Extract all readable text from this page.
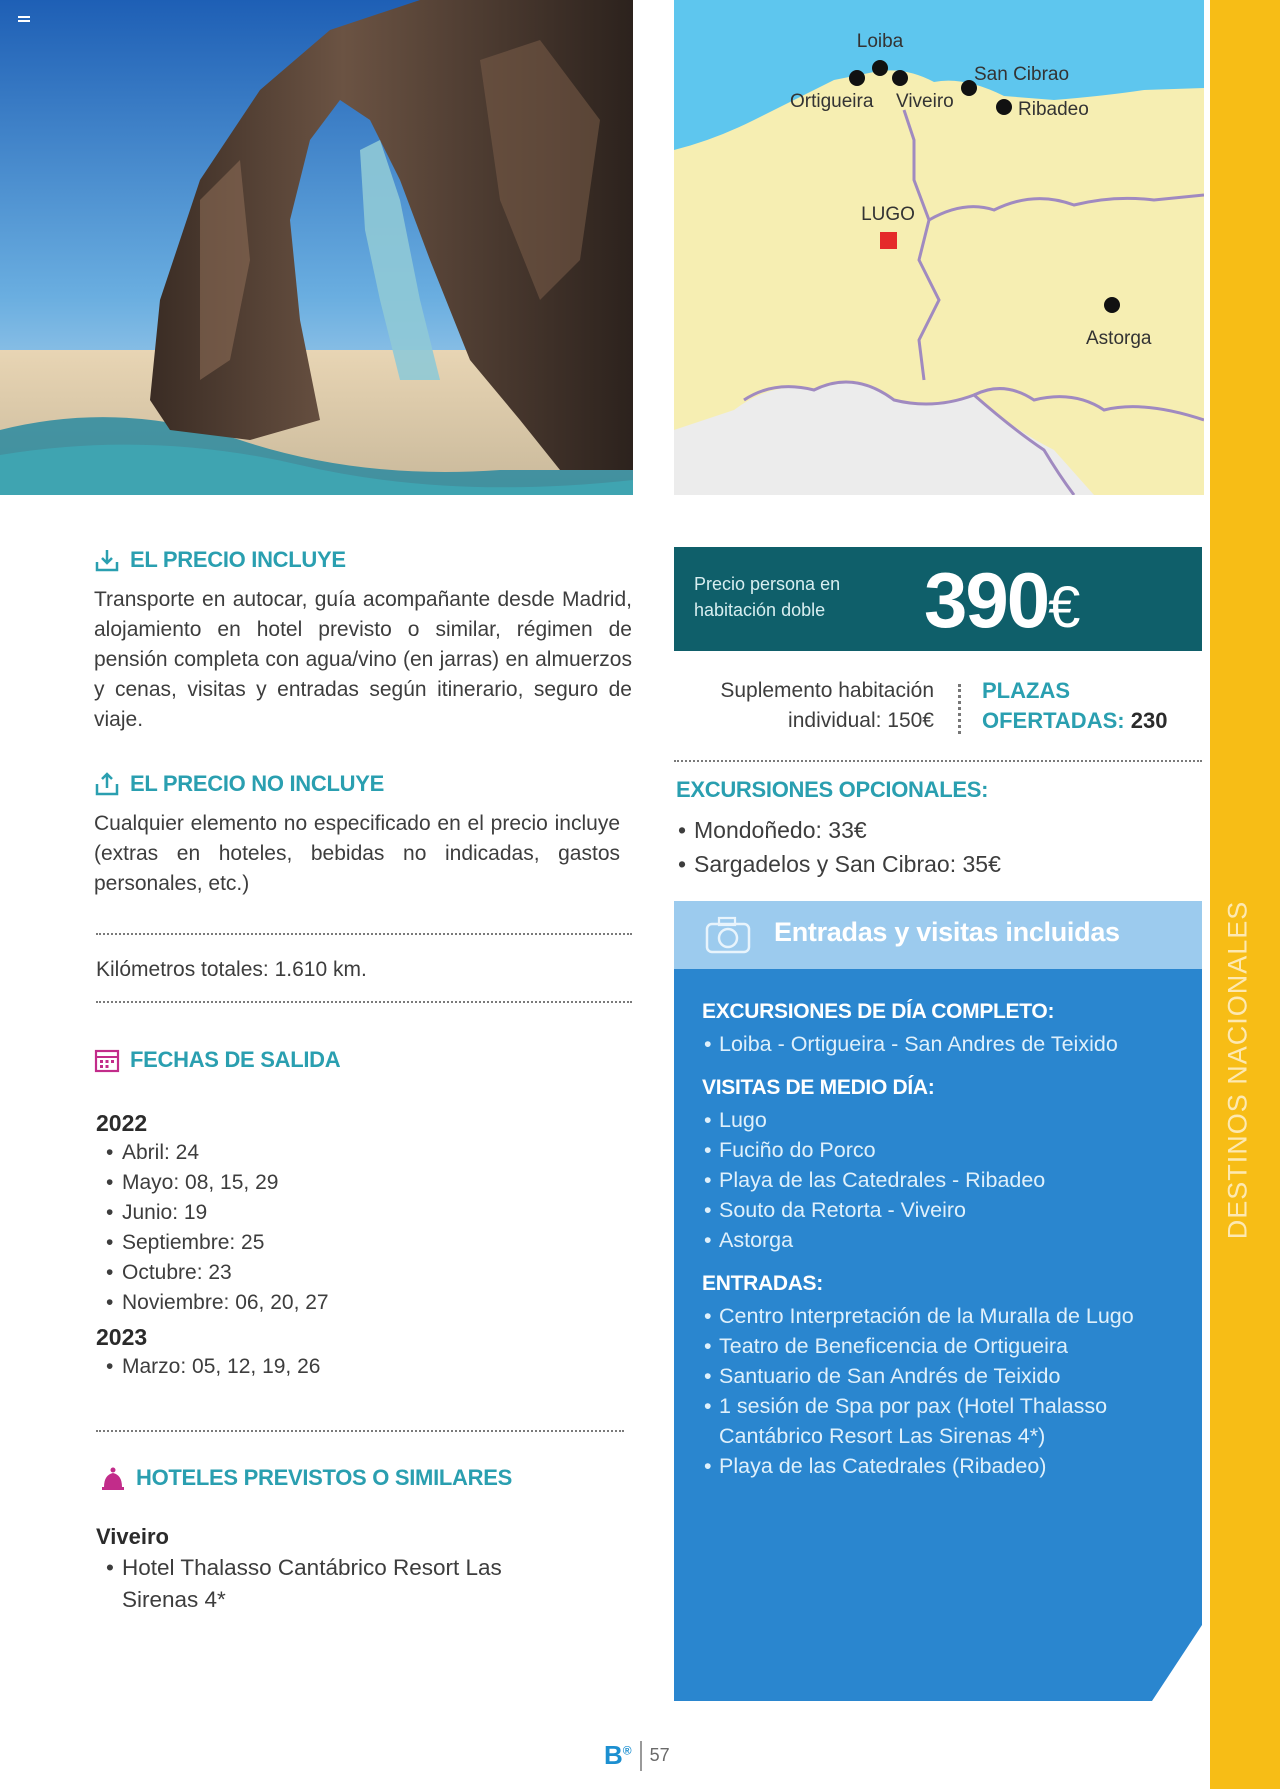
Loiba
San Cibrao
Ortigueira Viveiro	Ribadeo
LUGO
Astorga
DESTINOS NACIONALES
EL PRECIO INCLUYE

Transporte en autocar, guía acompañante desde Madrid, alojamiento en hotel previsto o similar, régimen de pensión completa con agua/vino (en jarras) en almuerzos y cenas, visitas y entradas según itinerario, seguro de viaje.

EL PRECIO NO INCLUYE

Cualquier elemento no especificado en el precio incluye (extras en hoteles, bebidas no indicadas, gastos personales, etc.)

Kilómetros totales: 1.610 km.

FECHAS DE SALIDA
2022
• Abril: 24
• Mayo: 08, 15, 29
• Junio: 19
• Septiembre: 25
• Octubre: 23
• Noviembre: 06, 20, 27
2023
• Marzo: 05, 12, 19, 26
HOTELES PREVISTOS O SIMILARES
Viveiro
• Hotel Thalasso Cantábrico Resort Las Sirenas 4*
Precio persona en habitación doble	390€
Suplemento habitación
individual: 150€
PLAZAS
OFERTADAS: 230
EXCURSIONES OPCIONALES:
• Mondoñedo: 33€
• Sargadelos y San Cibrao: 35€
Entradas y visitas incluidas
EXCURSIONES DE DÍA COMPLETO:
• Loiba - Ortigueira - San Andres de Teixido
VISITAS DE MEDIO DÍA:
• Lugo
• Fuciño do Porco
• Playa de las Catedrales - Ribadeo
• Souto da Retorta - Viveiro
• Astorga
ENTRADAS:
• Centro Interpretación de la Muralla de Lugo
• Teatro de Beneficencia de Ortigueira
• Santuario de San Andrés de Teixido
• 1 sesión de Spa por pax (Hotel Thalasso Cantábrico Resort Las Sirenas 4*)
• Playa de las Catedrales (Ribadeo)
B® 57
